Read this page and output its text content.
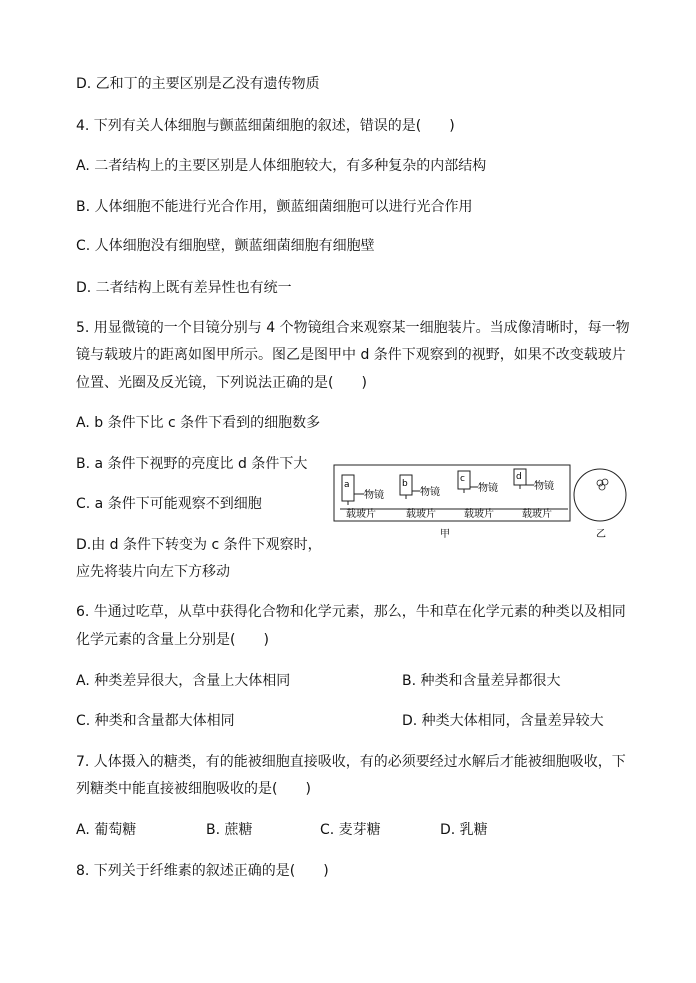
D. 乙和丁的主要区别是乙没有遗传物质
4. 下列有关人体细胞与颤蓝细菌细胞的叙述，错误的是(　　)
A. 二者结构上的主要区别是人体细胞较大，有多种复杂的内部结构
B. 人体细胞不能进行光合作用，颤蓝细菌细胞可以进行光合作用
C. 人体细胞没有细胞壁，颤蓝细菌细胞有细胞壁
D. 二者结构上既有差异性也有统一
5. 用显微镜的一个目镜分别与 4 个物镜组合来观察某一细胞装片。当成像清晰时，每一物
镜与载玻片的距离如图甲所示。图乙是图甲中 d 条件下观察到的视野，如果不改变载玻片
位置、光圈及反光镜，下列说法正确的是(　　)
A. b 条件下比 c 条件下看到的细胞数多
B. a 条件下视野的亮度比 d 条件下大
C. a 条件下可能观察不到细胞
D.由 d 条件下转变为 c 条件下观察时，
应先将装片向左下方移动
a
物镜
载玻片
b
物镜
载玻片
c
物镜
载玻片
d
物镜
载玻片
甲	乙
6. 牛通过吃草，从草中获得化合物和化学元素，那么，牛和草在化学元素的种类以及相同
化学元素的含量上分别是(　　)
A. 种类差异很大，含量上大体相同	B. 种类和含量差异都很大
C. 种类和含量都大体相同	D. 种类大体相同，含量差异较大
7. 人体摄入的糖类，有的能被细胞直接吸收，有的必须要经过水解后才能被细胞吸收，下
列糖类中能直接被细胞吸收的是(　　)
A. 葡萄糖	B. 蔗糖	C. 麦芽糖	D. 乳糖
8. 下列关于纤维素的叙述正确的是(　　)
